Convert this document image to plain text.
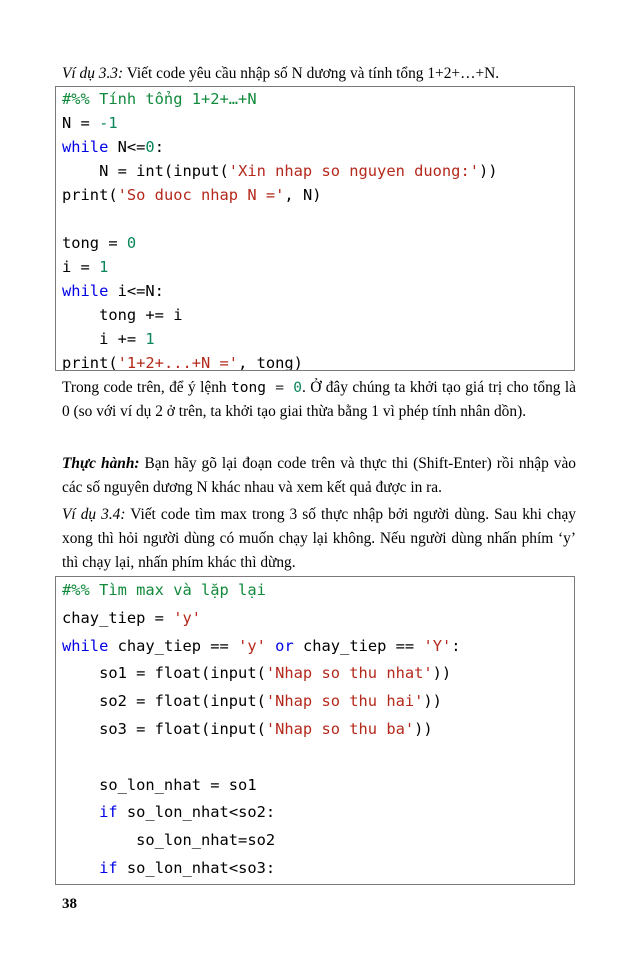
Ví dụ 3.3: Viết code yêu cầu nhập số N dương và tính tổng 1+2+…+N.

#%% Tính tổng 1+2+…+N
N = -1
while N<=0:
N = int(input('Xin nhap so nguyen duong:'))
print('So duoc nhap N =', N)
tong = 0
i = 1
while i<=N:
tong += i
i += 1
print('1+2+...+N =', tong)

Trong code trên, để ý lệnh tong = 0. Ở đây chúng ta khởi tạo giá trị cho tổng là 0 (so với ví dụ 2 ở trên, ta khởi tạo giai thừa bằng 1 vì phép tính nhân dồn).

Thực hành: Bạn hãy gõ lại đoạn code trên và thực thi (Shift-Enter) rồi nhập vào các số nguyên dương N khác nhau và xem kết quả được in ra.

Ví dụ 3.4: Viết code tìm max trong 3 số thực nhập bởi người dùng. Sau khi chạy xong thì hỏi người dùng có muốn chạy lại không. Nếu người dùng nhấn phím ‘y’ thì chạy lại, nhấn phím khác thì dừng.

#%% Tìm max và lặp lại
chay_tiep = 'y'
while chay_tiep == 'y' or chay_tiep == 'Y':
so1 = float(input('Nhap so thu nhat'))
so2 = float(input('Nhap so thu hai'))
so3 = float(input('Nhap so thu ba'))
so_lon_nhat = so1
if so_lon_nhat<so2:
so_lon_nhat=so2
if so_lon_nhat<so3:
38
